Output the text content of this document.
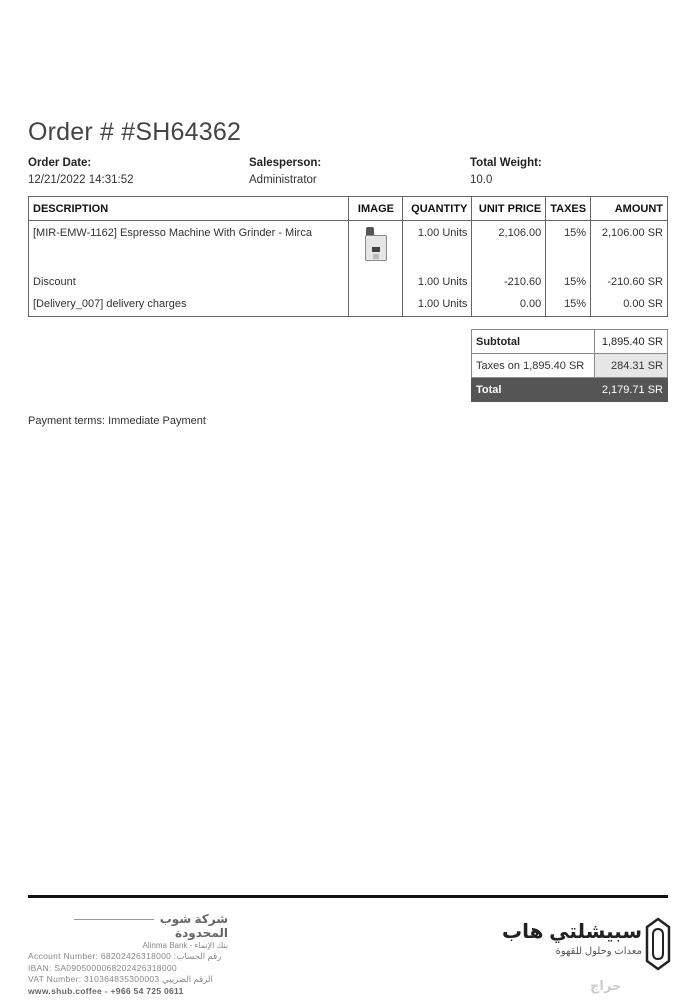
Order # #SH64362
Order Date:
12/21/2022 14:31:52
Salesperson:
Administrator
Total Weight:
10.0
DESCRIPTION	IMAGE	QUANTITY	UNIT PRICE	TAXES	AMOUNT
[MIR-EMW-1162] Espresso Machine With Grinder - Mirca		1.00 Units	2,106.00	15%	2,106.00 SR
Discount		1.00 Units	-210.60	15%	-210.60 SR
[Delivery_007] delivery charges		1.00 Units	0.00	15%	0.00 SR
Subtotal	1,895.40 SR
Taxes on 1,895.40 SR	284.31 SR
Total	2,179.71 SR
Payment terms: Immediate Payment
شركة شوب المحدودة
Alinma Bank - بنك الإنماء
Account Number: 68202426318000 :رقم الحساب
IBAN: SA0905000068202426318000
VAT Number: 310364835300003 الرقم الضريبي
www.shub.coffee - +966 54 725 0611
سبيشلتي هاب
معدات وحلول للقهوة
حراج
